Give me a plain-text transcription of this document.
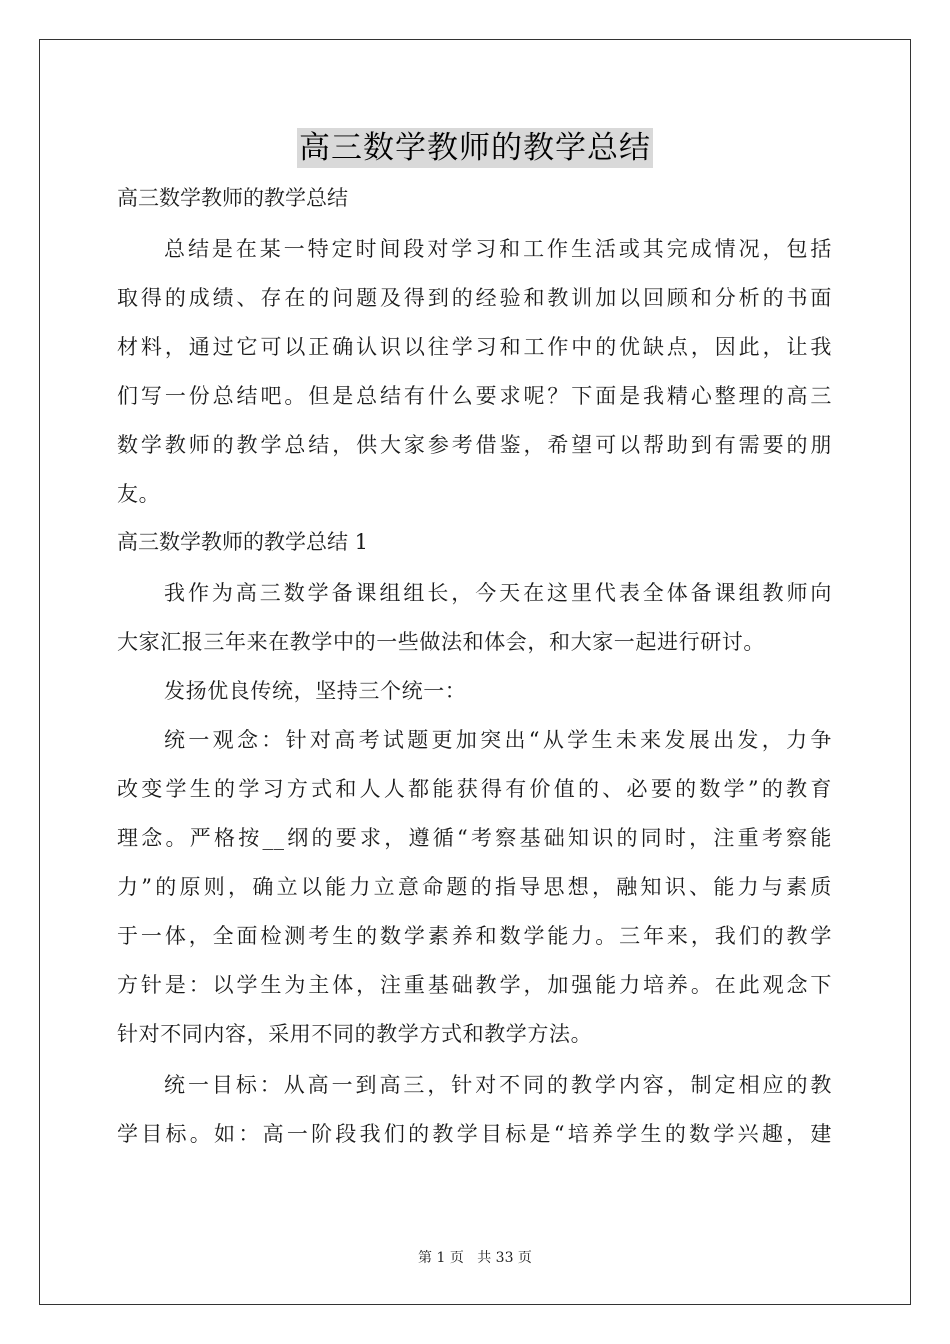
高三数学教师的教学总结
高三数学教师的教学总结
总结是在某一特定时间段对学习和工作生活或其完成情况，包括
取得的成绩、存在的问题及得到的经验和教训加以回顾和分析的书面
材料，通过它可以正确认识以往学习和工作中的优缺点，因此，让我
们写一份总结吧。但是总结有什么要求呢？下面是我精心整理的高三
数学教师的教学总结，供大家参考借鉴，希望可以帮助到有需要的朋
友。
高三数学教师的教学总结 1
我作为高三数学备课组组长，今天在这里代表全体备课组教师向
大家汇报三年来在教学中的一些做法和体会，和大家一起进行研讨。
发扬优良传统，坚持三个统一：
统一观念：针对高考试题更加突出“从学生未来发展出发，力争
改变学生的学习方式和人人都能获得有价值的、必要的数学”的教育
理念。严格按__纲的要求，遵循“考察基础知识的同时，注重考察能
力”的原则，确立以能力立意命题的指导思想，融知识、能力与素质
于一体，全面检测考生的数学素养和数学能力。三年来，我们的教学
方针是：以学生为主体，注重基础教学，加强能力培养。在此观念下
针对不同内容，采用不同的教学方式和教学方法。
统一目标：从高一到高三，针对不同的教学内容，制定相应的教
学目标。如：高一阶段我们的教学目标是“培养学生的数学兴趣，建
第 1 页 共 33 页
